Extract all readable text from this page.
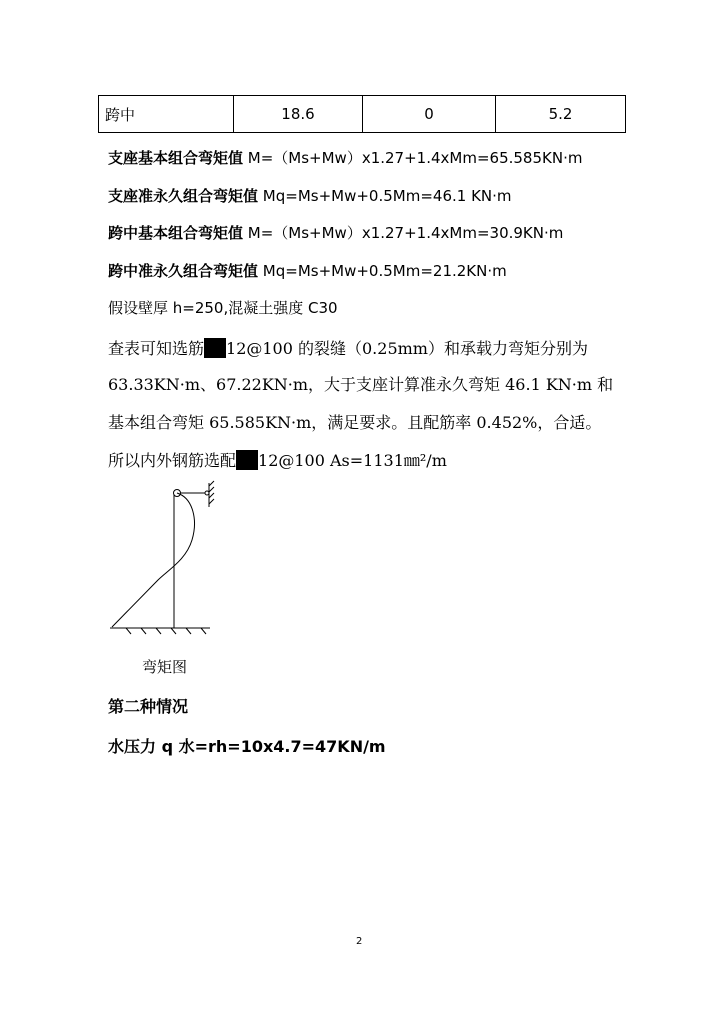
跨中	18.6	0	5.2
支座基本组合弯矩值 M=（Ms+Mw）x1.27+1.4xMm=65.585KN·m
支座准永久组合弯矩值 Mq=Ms+Mw+0.5Mm=46.1 KN·m
跨中基本组合弯矩值 M=（Ms+Mw）x1.27+1.4xMm=30.9KN·m
跨中准永久组合弯矩值 Mq=Ms+Mw+0.5Mm=21.2KN·m
假设壁厚 h=250,混凝土强度 C30
查表可知选筋 12@100 的裂缝（0.25mm）和承载力弯矩分别为
63.33KN·m、67.22KN·m，大于支座计算准永久弯矩 46.1 KN·m 和
基本组合弯矩 65.585KN·m，满足要求。且配筋率 0.452%，合适。
所以内外钢筋选配 12@100 As=1131㎜²/m
弯矩图
第二种情况
水压力 q 水=rh=10x4.7=47KN/m
2
